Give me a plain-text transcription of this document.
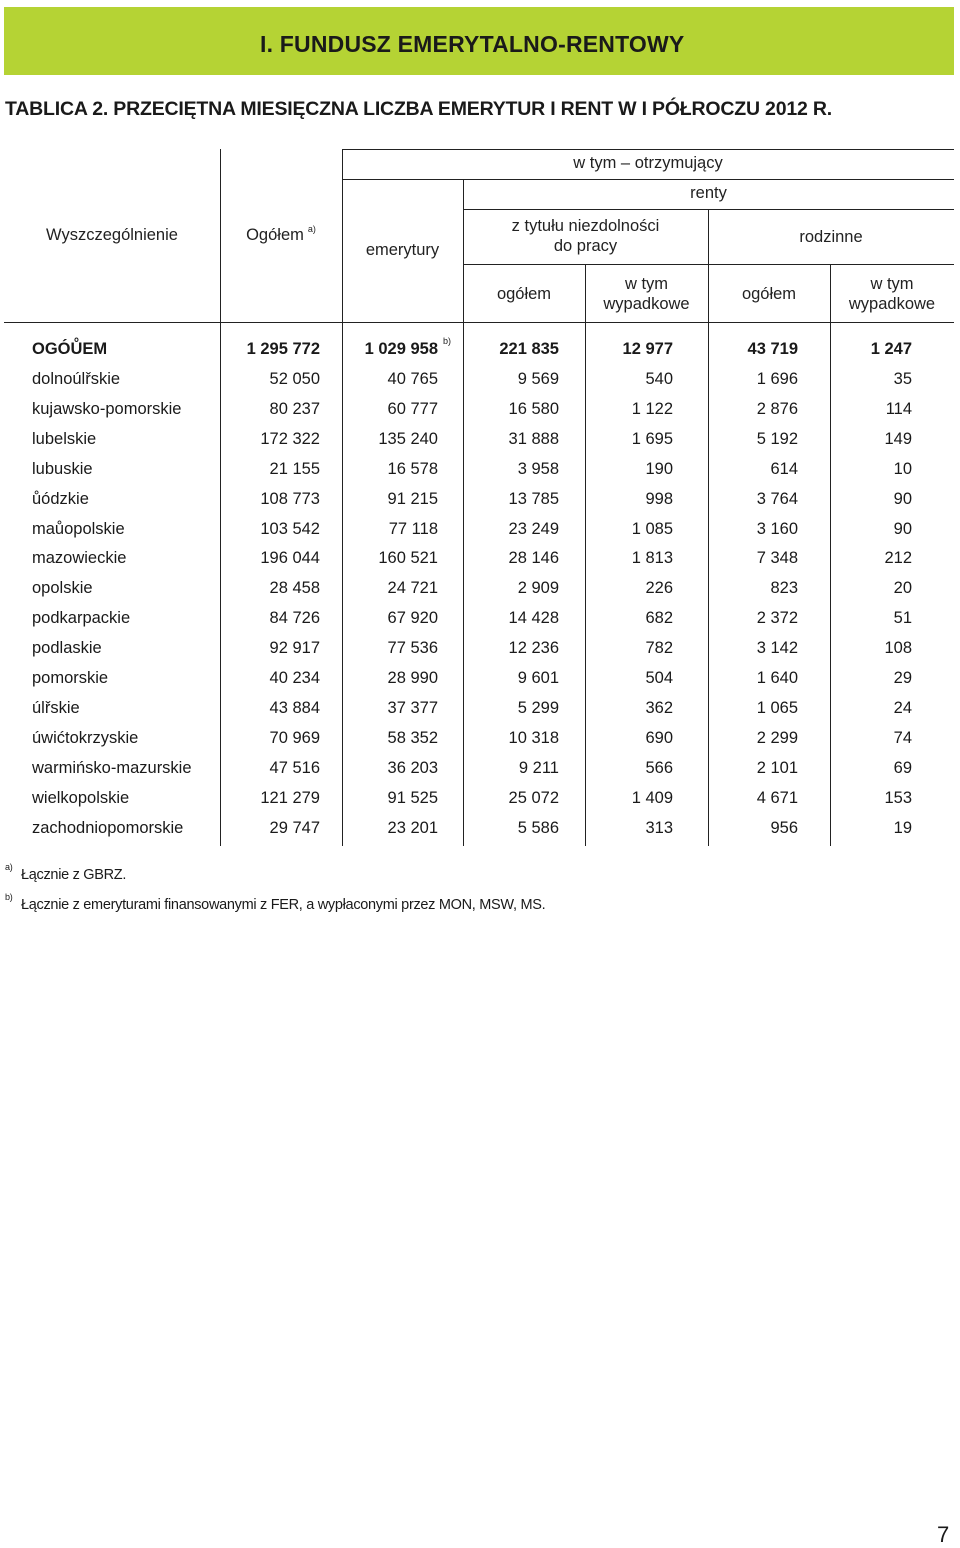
I. FUNDUSZ EMERYTALNO-RENTOWY
TABLICA 2. PRZECIĘTNA MIESIĘCZNA LICZBA EMERYTUR I RENT W I PÓŁROCZU 2012 R.
Wyszczególnienie	Ogółem $^{a)}$
w tym – otrzymujący
renty
emerytury
z tytułu niezdolności
do pracy	rodzinne
ogółem
w tym
wypadkowe
ogółem
w tym
wypadkowe
OGÓŮEM	1 295 772	1 029 958 b)	221 835	12 977	43 719	1 247
dolnoúlřskie	52 050	40 765	9 569	540	1 696	35
kujawsko-pomorskie	80 237	60 777	16 580	1 122	2 876	114
lubelskie	172 322	135 240	31 888	1 695	5 192	149
lubuskie	21 155	16 578	3 958	190	614	10
ůódzkie	108 773	91 215	13 785	998	3 764	90
maůopolskie	103 542	77 118	23 249	1 085	3 160	90
mazowieckie	196 044	160 521	28 146	1 813	7 348	212
opolskie	28 458	24 721	2 909	226	823	20
podkarpackie	84 726	67 920	14 428	682	2 372	51
podlaskie	92 917	77 536	12 236	782	3 142	108
pomorskie	40 234	28 990	9 601	504	1 640	29
úlřskie	43 884	37 377	5 299	362	1 065	24
úwićtokrzyskie	70 969	58 352	10 318	690	2 299	74
warmińsko-mazurskie	47 516	36 203	9 211	566	2 101	69
wielkopolskie	121 279	91 525	25 072	1 409	4 671	153
zachodniopomorskie	29 747	23 201	5 586	313	956	19
a) Łącznie z GBRZ.
b) Łącznie z emeryturami finansowanymi z FER, a wypłaconymi przez MON, MSW, MS.
7
